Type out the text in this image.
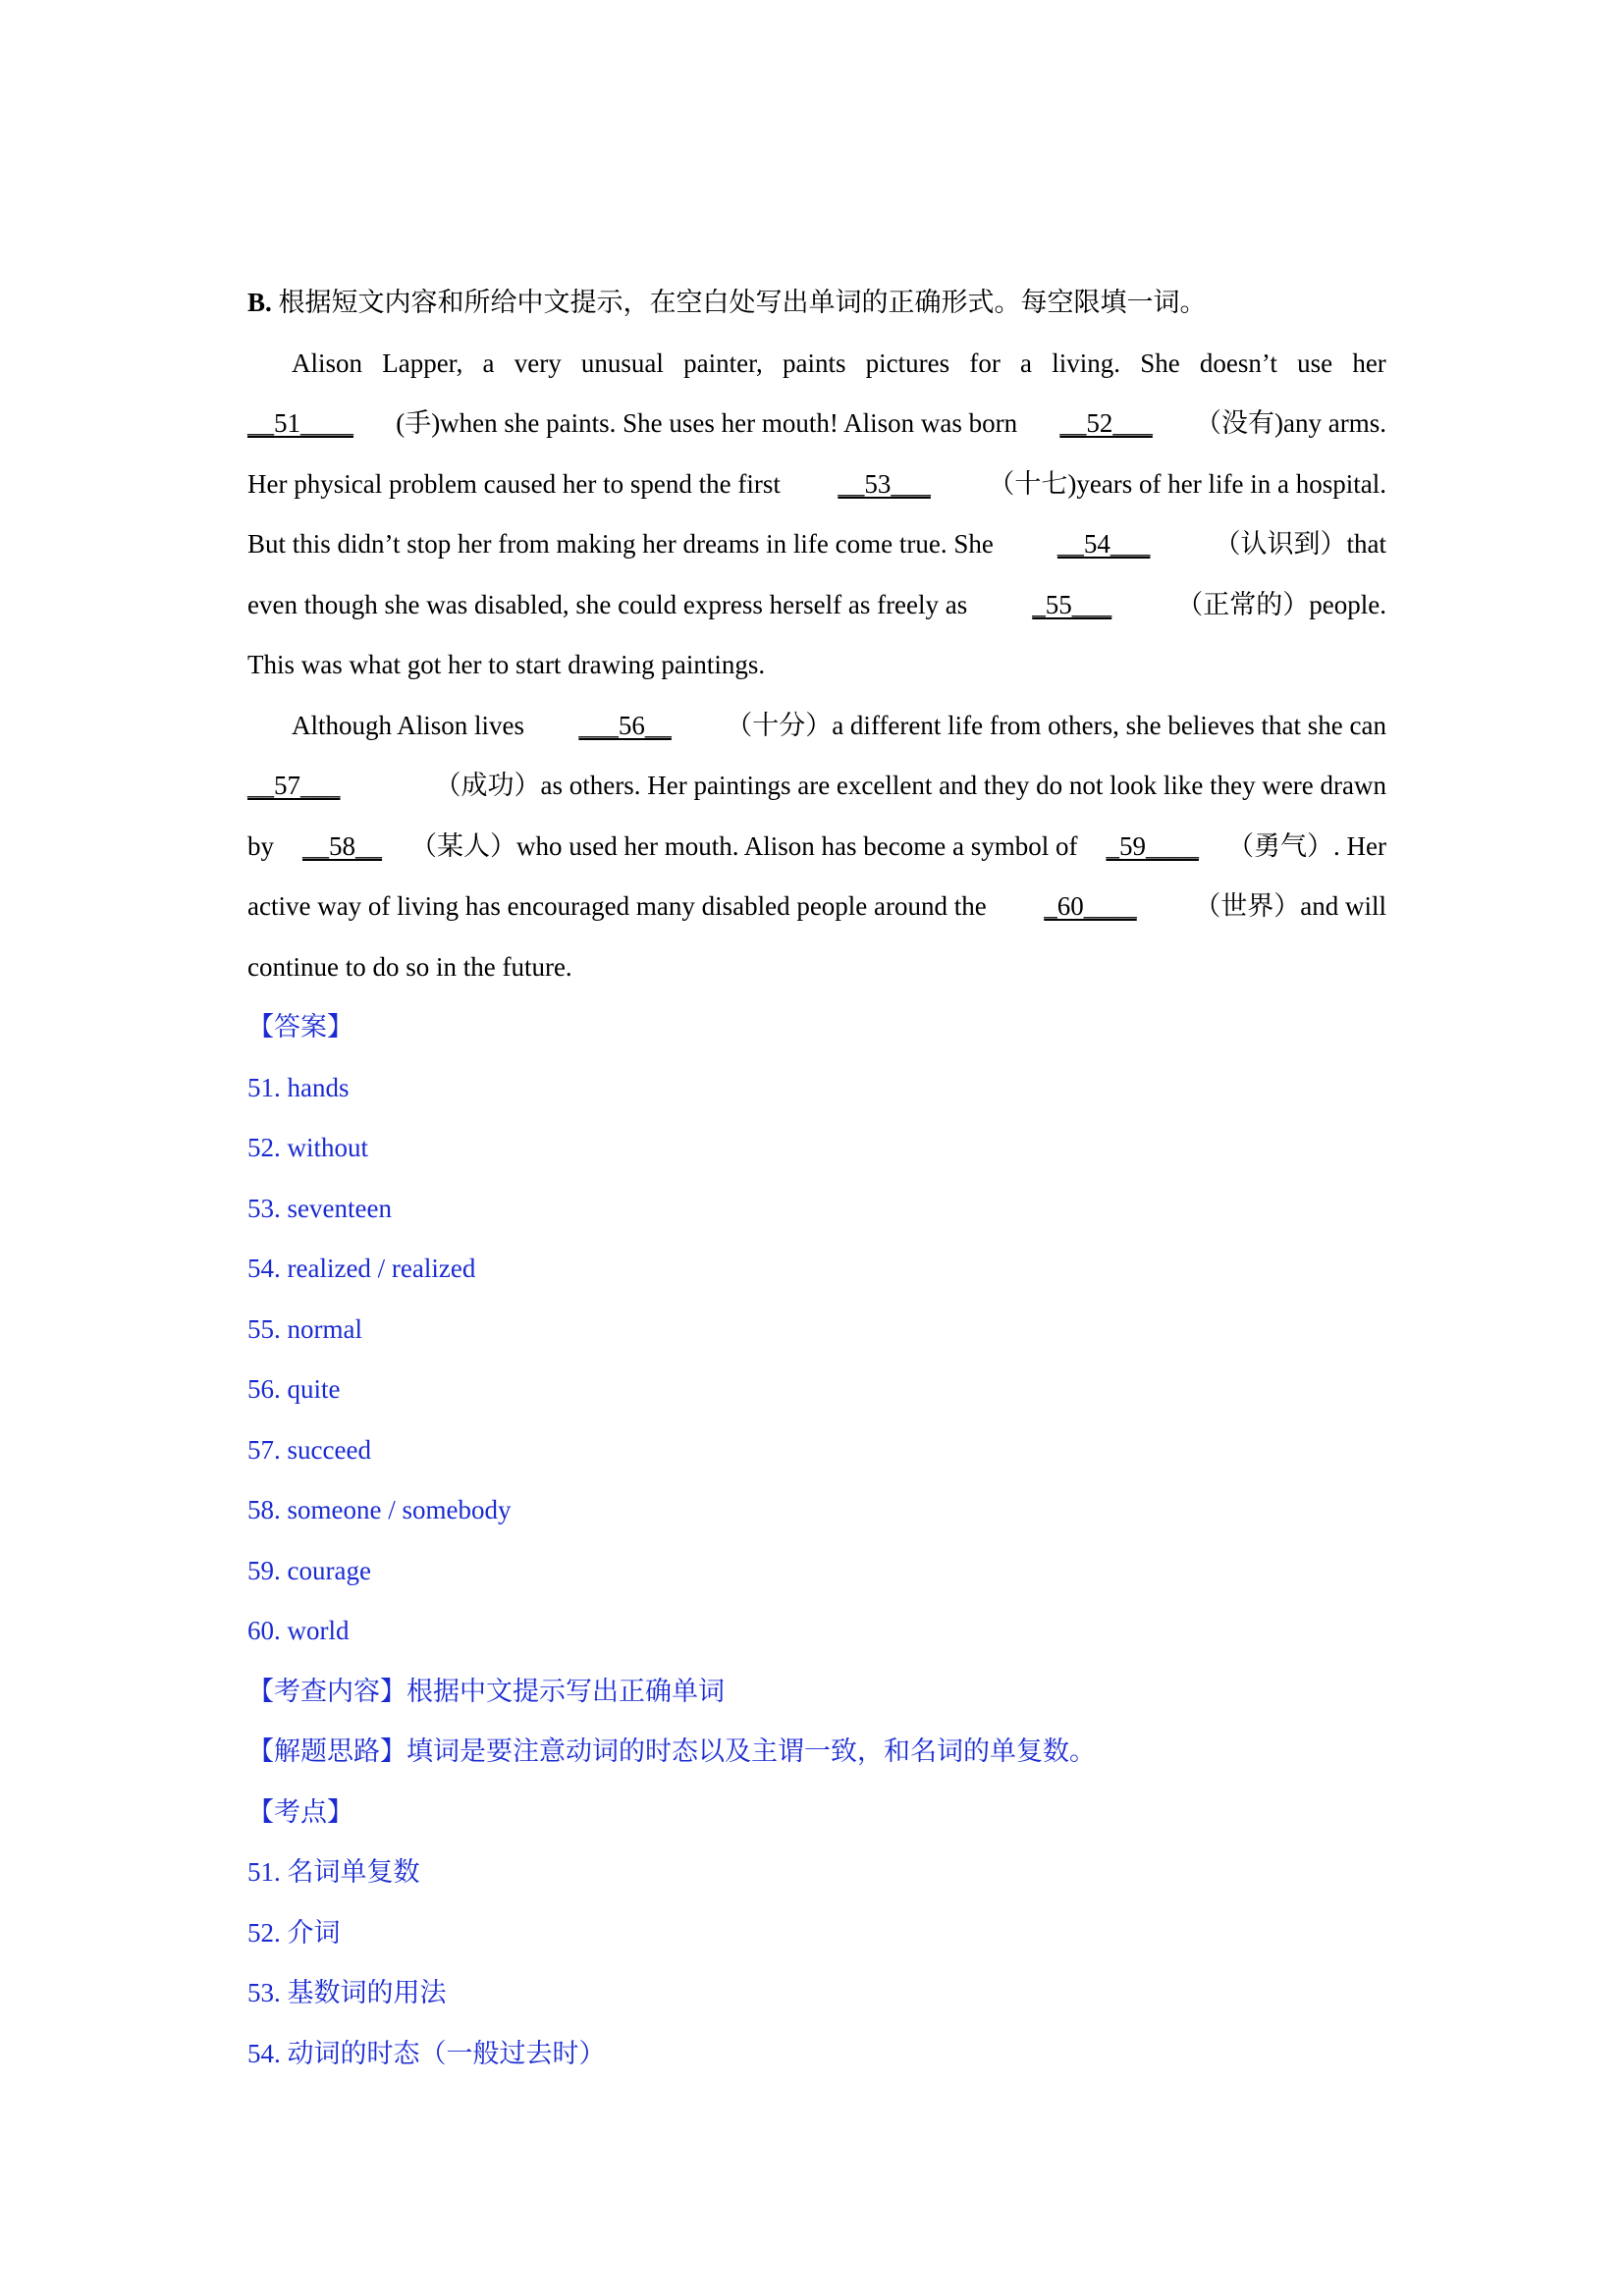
B.
根据短文内容和所给中文提示，在空白处写出单词的正确形式。每空限填一词。
Alison Lapper, a very unusual painter, paints pictures for a living. She doesn’t use her
__51____ (手)when she paints. She uses her mouth! Alison was born __52___ （没有)any arms.
Her physical problem caused her to spend the first __53___ （十七)years of her life in a hospital.
But this didn’t stop her from making her dreams in life come true. She __54___ （认识到）that
even though she was disabled, she could express herself as freely as _55___ （正常的）people.
This was what got her to start drawing paintings.
Although Alison lives ___56__ （十分）a different life from others, she believes that she can
__57___	（成功）as others. Her paintings are excellent and they do not look like they were drawn
by __58__ （某人）who used her mouth. Alison has become a symbol of _59____ （勇气）. Her
active way of living has encouraged many disabled people around the _60____ （世界）and will
continue to do so in the future.
【答案】
51. hands
52. without
53. seventeen
54. realized / realized
55. normal
56. quite
57. succeed
58. someone / somebody
59. courage
60. world
【考查内容】 根据中文提示写出正确单词
【解题思路】 填词是要注意动词的时态以及主谓一致，和名词的单复数。
【考点】
51. 名词单复数
52. 介词
53. 基数词的用法
54. 动词的时态（一般过去时）
